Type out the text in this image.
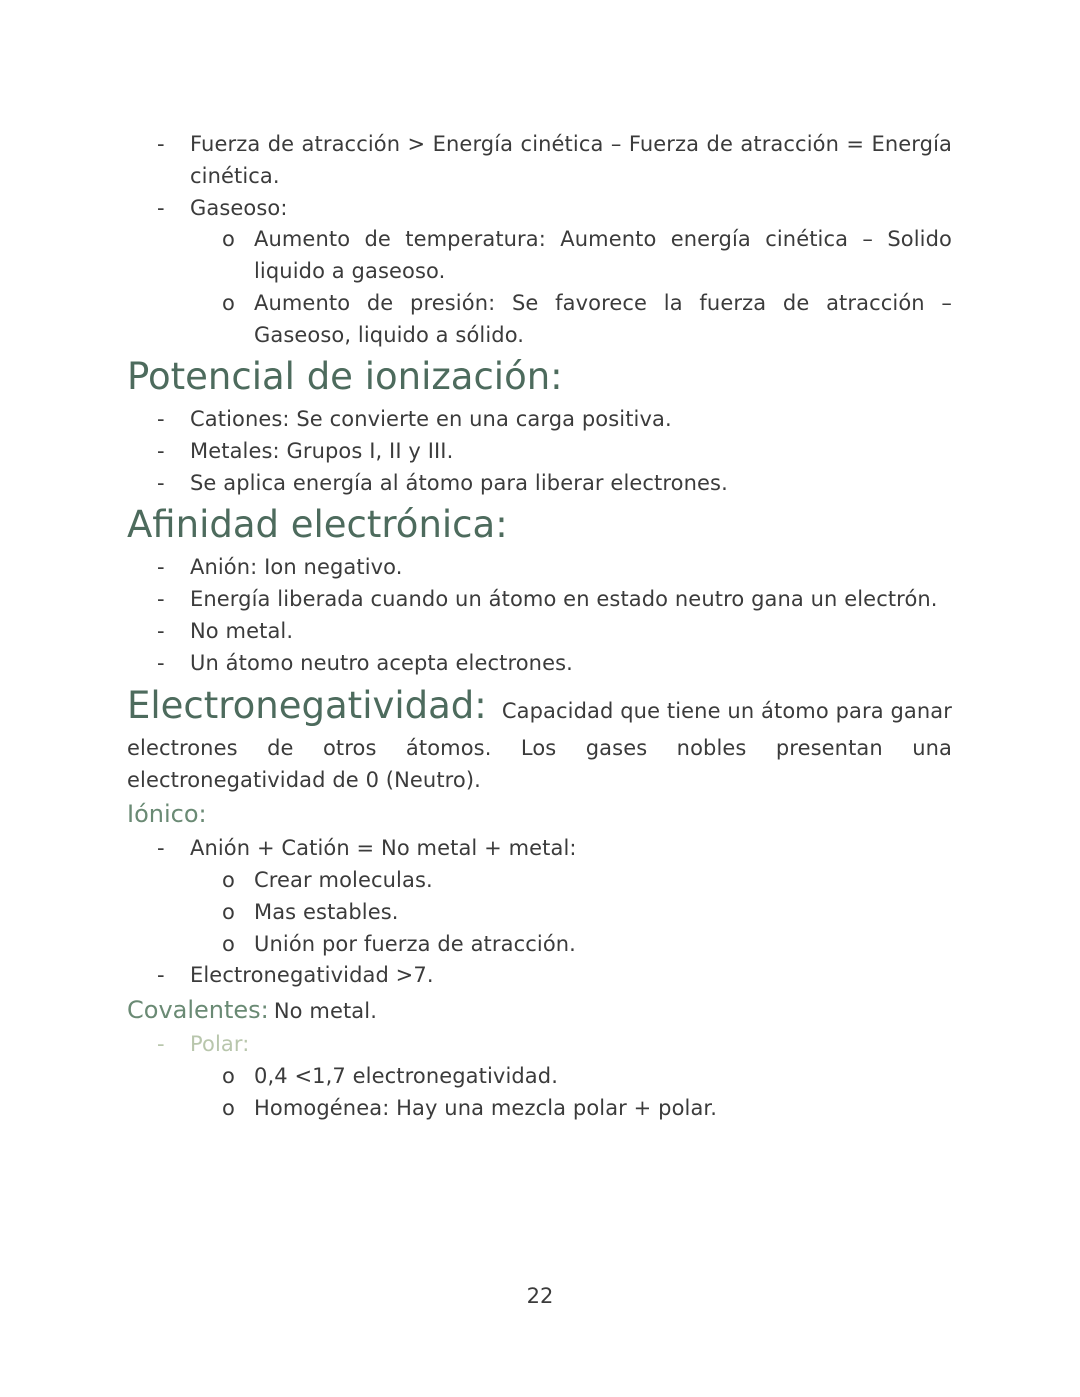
- Fuerza de atracción > Energía cinética – Fuerza de atracción = Energía cinética.
- Gaseoso:
o Aumento de temperatura: Aumento energía cinética – Solido liquido a gaseoso.
o Aumento de presión: Se favorece la fuerza de atracción – Gaseoso, liquido a sólido.
Potencial de ionización:
- Cationes: Se convierte en una carga positiva.
- Metales: Grupos I, II y III.
- Se aplica energía al átomo para liberar electrones.
Afinidad electrónica:
- Anión: Ion negativo.
- Energía liberada cuando un átomo en estado neutro gana un electrón.
- No metal.
- Un átomo neutro acepta electrones.
Electronegatividad: Capacidad que tiene un átomo para ganar
electrones de otros átomos. Los gases nobles presentan una
electronegatividad de 0 (Neutro).
Iónico:
- Anión + Catión = No metal + metal:
o Crear moleculas.
o Mas estables.
o Unión por fuerza de atracción.
- Electronegatividad >7.
Covalentes: No metal.
- Polar:
o 0,4 <1,7 electronegatividad.
o Homogénea: Hay una mezcla polar + polar.
22
